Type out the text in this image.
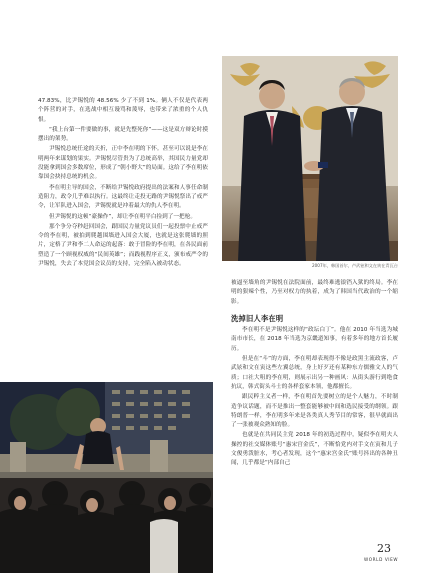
47.83%，比尹锡悦的 48.56% 少了不到 1%。俩人不仅是代表两个阵营的对手，在选战中相互谩骂和蔑辱，也带来了浓重的个人仇恨。

“我上台第一件要做的事，就是先整死你”——这是双方辩论时摸摆出的架势。

尹锡悦总统任途的天折，正中李在明的下怀。甚至可以说是李在明两年来谋划的果实。尹锡悦尽管贵为了总统高举，其国民力量党却没能拿到国会多数席位，形成了“朝小野大”的局面。这给了李在明依靠国会抉持总统的机会。

李在明主导的国会，不断给尹锡悦政府提出的法案和人事任命制造阻力，政令几乎难以执行。这最终让走投无路的尹锡悦祭出了戒严令，让军队进入国会，尹锡悦就是冲着最大的仇人李在明。

但尹锡悦的这顿“豪操作”，却让李在明平白捡到了一把枪。

那个争分夺秒赶回国会，跟国民力量党议员们一起投票中止戒严令的李在明，被拍到爬越围墙进入国会大厦，也就是这张爬墙的照片，定格了尹和李二人命运的起落：敢于冒险的李在明，在各民面前塑造了一个顾视权威的“民间英雄”；而践视程序正义，颁布戒严令的尹锡悦，失去了本党国会议员的支持，完全陷入被动状态。	2007年，韩国首尔，卢武铉和文在寅在青瓦台

被逼至墙角的尹锡悦在法院面前，最终难逃锒铛入狱的终局。李在明的狠辣个性，乃至对权力的执着，成为了韩国当代政治的一个缩影。

洗掉旧人李在明

李在明不是尹锡悦这样的“政坛白丁”。他在 2010 年当选为城南市市长，在 2018 年当选为京畿道知事，有着多年的地方首长履历。

但是在“斗”的方面，李在明却表现得不像是政黑主流政客，卢武铉和文在寅这些左翼总统，身上好歹还有某种东方儒雅文人的气质；口社大咀的李在明，则展示出另一种画风：从街头游行到绝食抗议，韩式街头斗士的各样套家本领，他都擅长。

跟民粹主义者一样，李在明首先要树立的是个人魅力，不时制造争议话题，而不是推出一整套能够被中间和选民接受的纲领。跟特朗普一样，李在明多年来是各类真人秀节目的常客，很早就面出了一张被观众熟知的脸。

也就是在共同民主党 2018 年的初选过程中，疑似李在明夫人操控的社交媒体账号“惠宋宫金氏”，不断恰党内对手文在寅和儿子文俊勇泼脏水，考心者发现，这个“惠宋宫金氏”账号抖出的各种丑闻，几乎都是“内部自己

23
WORLD VIEW
